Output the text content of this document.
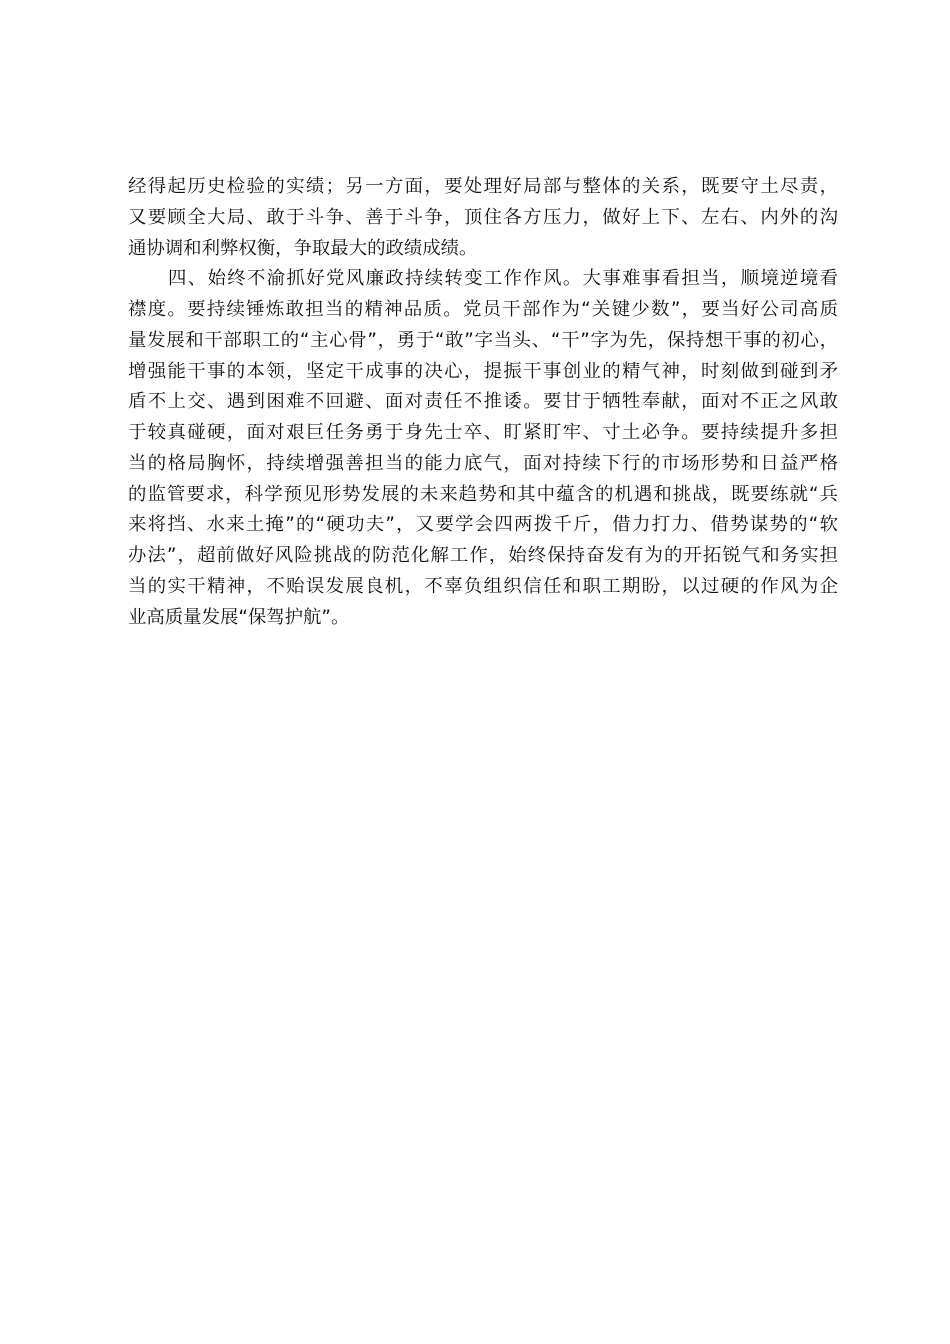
经得起历史检验的实绩；另一方面，要处理好局部与整体的关系，既要守土尽责，
又要顾全大局、敢于斗争、善于斗争，顶住各方压力，做好上下、左右、内外的沟
通协调和利弊权衡，争取最大的政绩成绩。
四、始终不渝抓好党风廉政持续转变工作作风。大事难事看担当，顺境逆境看
襟度。要持续锤炼敢担当的精神品质。党员干部作为“关键少数”，要当好公司高质
量发展和干部职工的“主心骨”，勇于“敢”字当头、“干”字为先，保持想干事的初心，
增强能干事的本领，坚定干成事的决心，提振干事创业的精气神，时刻做到碰到矛
盾不上交、遇到困难不回避、面对责任不推诿。要甘于牺牲奉献，面对不正之风敢
于较真碰硬，面对艰巨任务勇于身先士卒、盯紧盯牢、寸土必争。要持续提升多担
当的格局胸怀，持续增强善担当的能力底气，面对持续下行的市场形势和日益严格
的监管要求，科学预见形势发展的未来趋势和其中蕴含的机遇和挑战，既要练就“兵
来将挡、水来土掩”的“硬功夫”，又要学会四两拨千斤，借力打力、借势谋势的“软
办法”，超前做好风险挑战的防范化解工作，始终保持奋发有为的开拓锐气和务实担
当的实干精神，不贻误发展良机，不辜负组织信任和职工期盼，以过硬的作风为企
业高质量发展“保驾护航”。
